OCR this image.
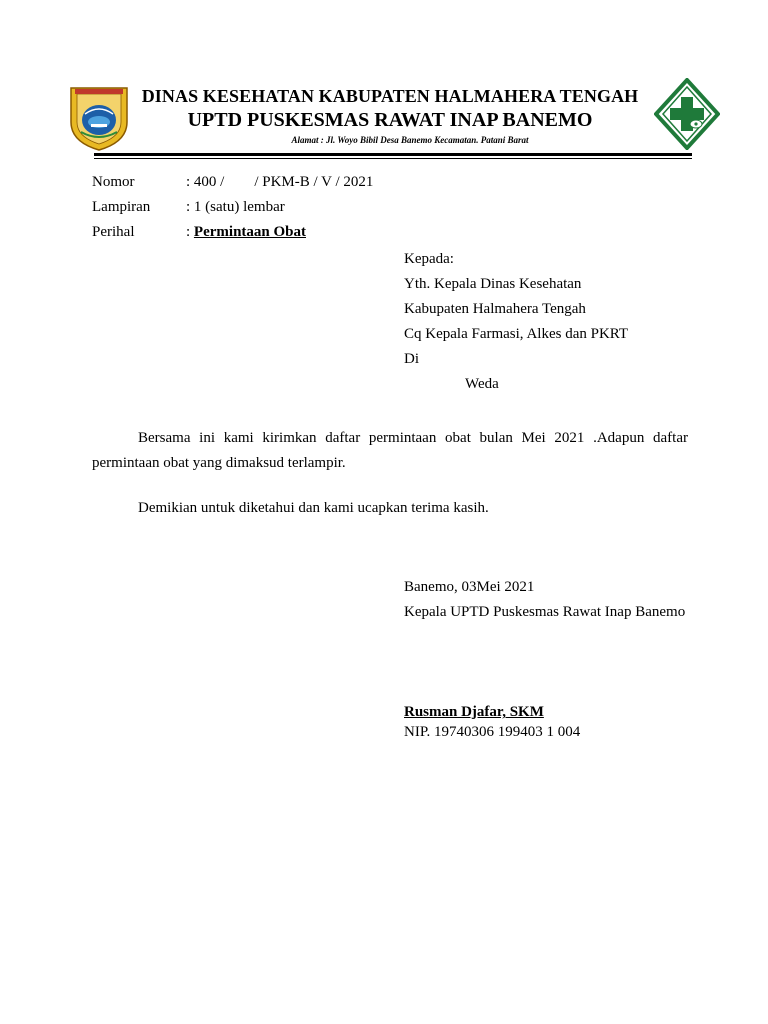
DINAS KESEHATAN KABUPATEN HALMAHERA TENGAH
UPTD PUSKESMAS RAWAT INAP BANEMO
Alamat : Jl. Woyo Bibil Desa Banemo Kecamatan. Patani Barat
Nomor
Lampiran
Perihal
: 400 /        / PKM-B / V / 2021
: 1 (satu) lembar
: Permintaan Obat
Kepada:
Yth. Kepala Dinas Kesehatan
Kabupaten Halmahera Tengah
Cq Kepala Farmasi, Alkes dan PKRT
Di
Weda
Bersama ini kami kirimkan daftar permintaan obat bulan Mei 2021 .Adapun daftar permintaan obat yang dimaksud terlampir.
Demikian untuk diketahui dan kami ucapkan terima kasih.
Banemo, 03Mei 2021
Kepala UPTD Puskesmas Rawat Inap Banemo
Rusman Djafar, SKM
NIP. 19740306 199403 1 004
